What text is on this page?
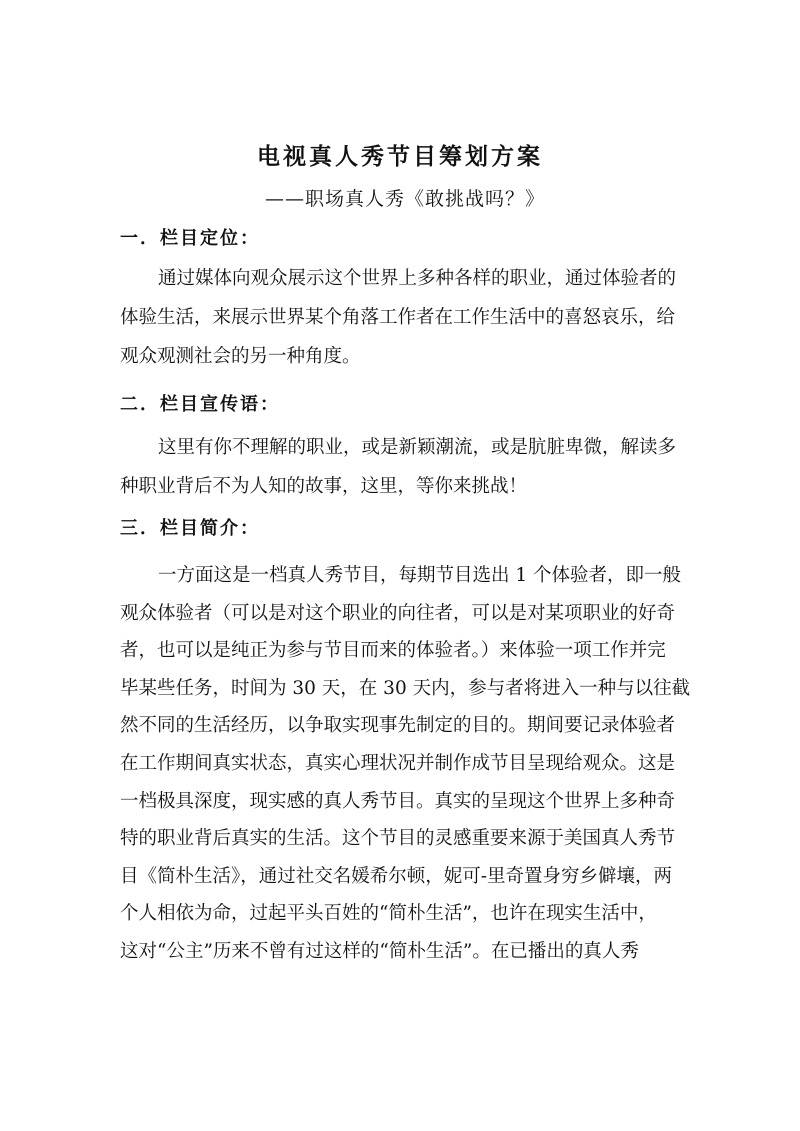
电视真人秀节目筹划方案
——职场真人秀《敢挑战吗？》
一．栏目定位：
通过媒体向观众展示这个世界上多种各样的职业，通过体验者的
体验生活，来展示世界某个角落工作者在工作生活中的喜怒哀乐，给
观众观测社会的另一种角度。
二．栏目宣传语：
这里有你不理解的职业，或是新颖潮流，或是肮脏卑微，解读多
种职业背后不为人知的故事，这里，等你来挑战！
三．栏目简介：
一方面这是一档真人秀节目，每期节目选出 1 个体验者，即一般
观众体验者（可以是对这个职业的向往者，可以是对某项职业的好奇
者，也可以是纯正为参与节目而来的体验者。）来体验一项工作并完
毕某些任务，时间为 30 天，在 30 天内，参与者将进入一种与以往截
然不同的生活经历，以争取实现事先制定的目的。期间要记录体验者
在工作期间真实状态，真实心理状况并制作成节目呈现给观众。这是
一档极具深度，现实感的真人秀节目。真实的呈现这个世界上多种奇
特的职业背后真实的生活。这个节目的灵感重要来源于美国真人秀节
目《简朴生活》，通过社交名媛希尔顿，妮可-里奇置身穷乡僻壤，两
个人相依为命，过起平头百姓的“简朴生活”，也许在现实生活中，
这对“公主”历来不曾有过这样的“简朴生活”。在已播出的真人秀
